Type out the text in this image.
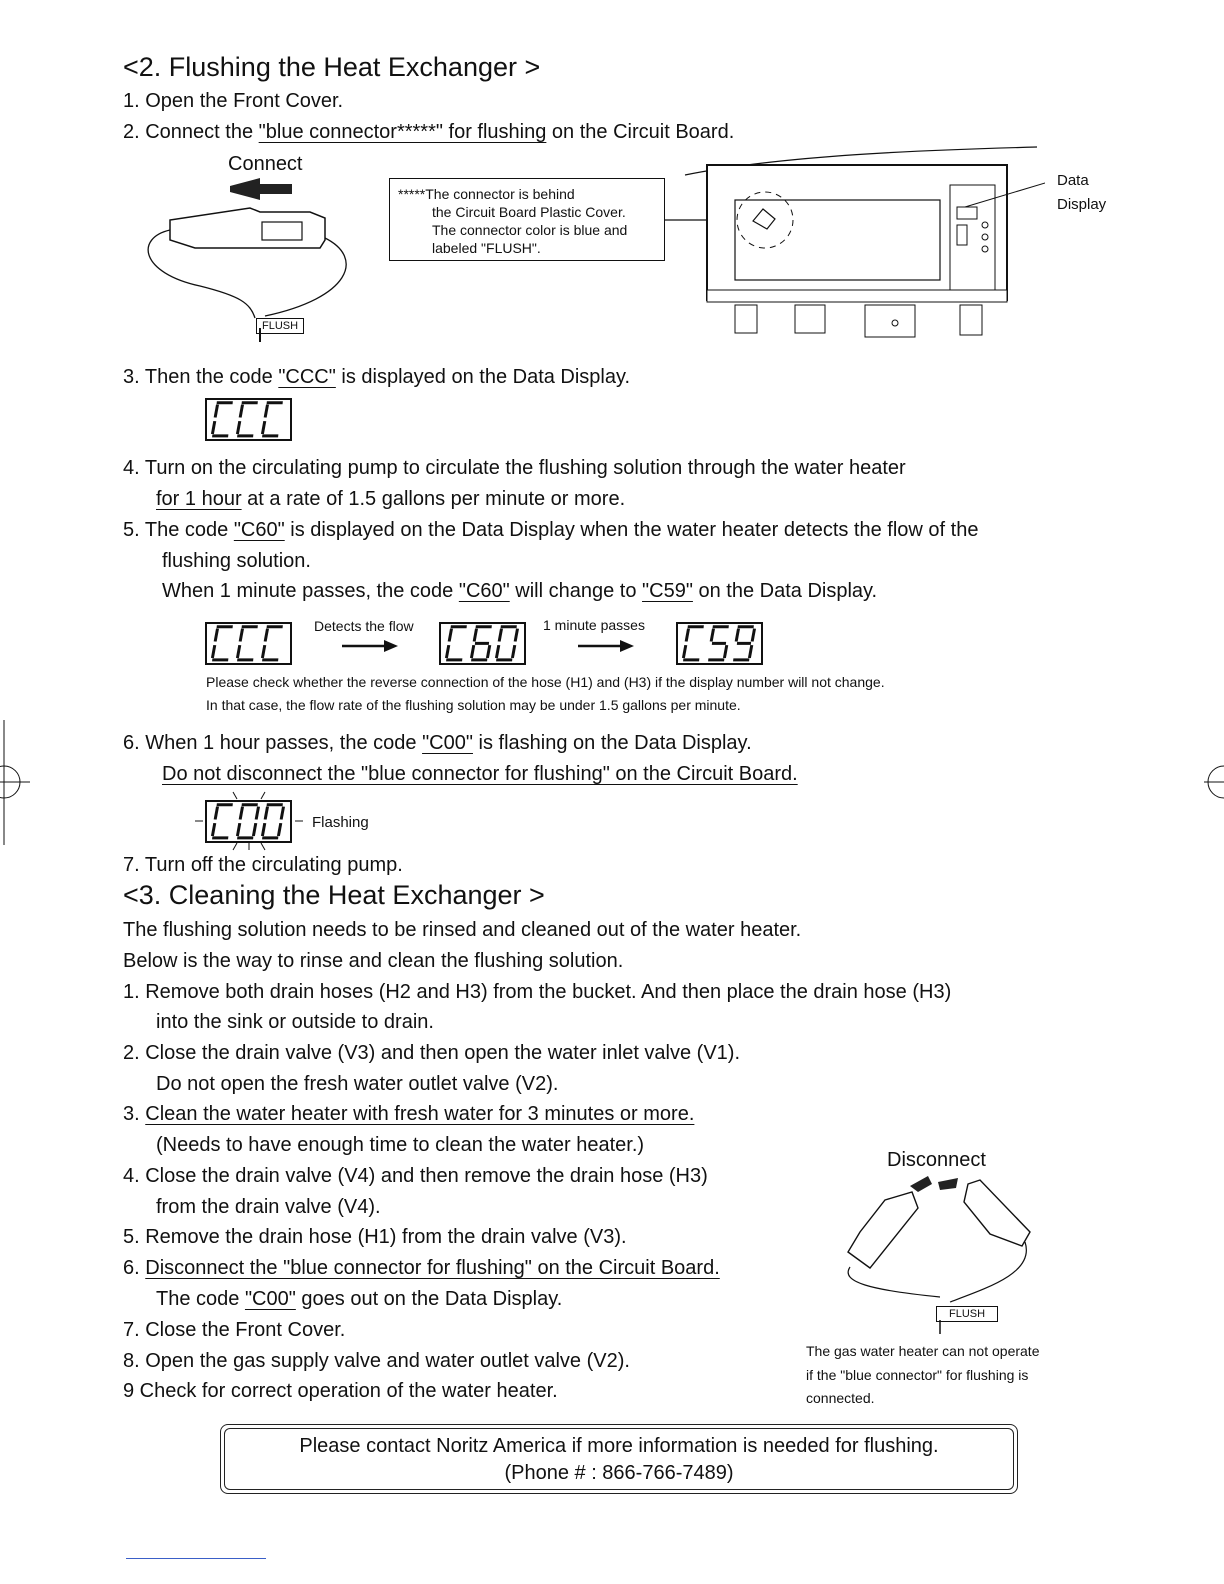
<2. Flushing the Heat Exchanger >
1. Open the Front Cover.
2. Connect the "blue connector*****" for flushing on the Circuit Board.
Connect
FLUSH
*****The connector is behind
the Circuit Board Plastic Cover.
The connector color is blue and
labeled "FLUSH".
Data
Display
3. Then the code "CCC" is displayed on the Data Display.
4. Turn on the circulating pump to circulate the flushing solution through the water heater
for 1 hour at a rate of 1.5 gallons per minute or more.
5. The code "C60" is displayed on the Data Display when the water heater detects the flow of the
flushing solution.
When 1 minute passes, the code "C60" will change to "C59" on the Data Display.
Detects the flow	1 minute passes
Please check whether the reverse connection of the hose (H1) and (H3) if the display number will not change.
In that case, the flow rate of the flushing solution may be under 1.5 gallons per minute.
6. When 1 hour passes, the code "C00" is flashing on the Data Display.
Do not disconnect the "blue connector for flushing" on the Circuit Board.
Flashing
7. Turn off the circulating pump.
<3. Cleaning the Heat Exchanger >
The flushing solution needs to be rinsed and cleaned out of the water heater.
Below is the way to rinse and clean the flushing solution.
1. Remove both drain hoses (H2 and H3) from the bucket. And then place the drain hose (H3)
into the sink or outside to drain.
2. Close the drain valve (V3) and then open the water inlet valve (V1).
Do not open the fresh water outlet valve (V2).
3. Clean the water heater with fresh water for 3 minutes or more.
(Needs to have enough time to clean the water heater.)
4. Close the drain valve (V4) and then remove the drain hose (H3)
from the drain valve (V4).
5. Remove the drain hose (H1) from the drain valve (V3).
6. Disconnect the "blue connector for flushing" on the Circuit Board.
The code "C00" goes out on the Data Display.
7. Close the Front Cover.
8. Open the gas supply valve and water outlet valve (V2).
9 Check for correct operation of the water heater.
Disconnect
FLUSH
The gas water heater can not operate
if the "blue connector" for flushing is
connected.
Please contact Noritz America if more information is needed for flushing.
(Phone # : 866-766-7489)
